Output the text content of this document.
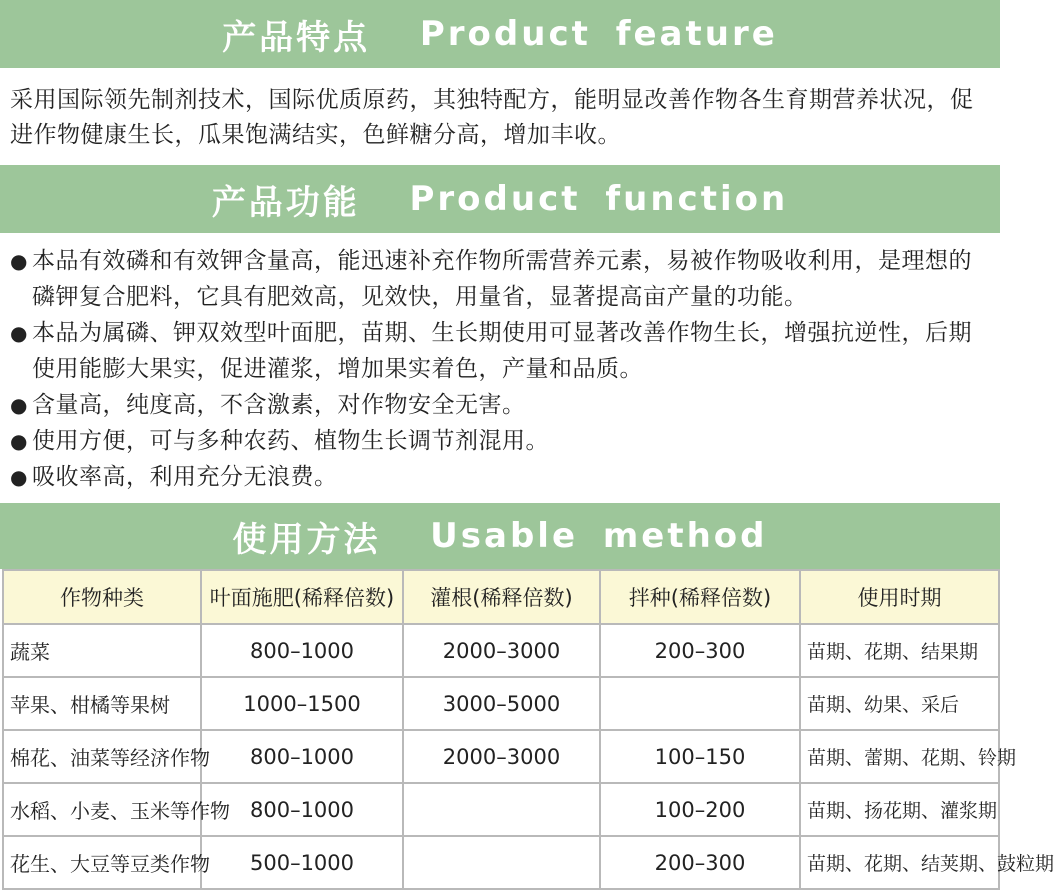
产品特点
Product feature
采用国际领先制剂技术，国际优质原药，其独特配方，能明显改善作物各生育期营养状况，促进作物健康生长，瓜果饱满结实，色鲜糖分高，增加丰收。
产品功能
Product function
● 本品有效磷和有效钾含量高，能迅速补充作物所需营养元素，易被作物吸收利用，是理想的磷钾复合肥料，它具有肥效高，见效快，用量省，显著提高亩产量的功能。
● 本品为属磷、钾双效型叶面肥，苗期、生长期使用可显著改善作物生长，增强抗逆性，后期使用能膨大果实，促进灌浆，增加果实着色，产量和品质。
● 含量高，纯度高，不含激素，对作物安全无害。
● 使用方便，可与多种农药、植物生长调节剂混用。
● 吸收率高，利用充分无浪费。
使用方法
Usable method
作物种类	叶面施肥(稀释倍数)	灌根(稀释倍数)	拌种(稀释倍数)	使用时期
蔬菜	800–1000	2000–3000	200–300	苗期、花期、结果期
苹果、柑橘等果树	1000–1500	3000–5000		苗期、幼果、采后
棉花、油菜等经济作物	800–1000	2000–3000	100–150	苗期、蕾期、花期、铃期
水稻、小麦、玉米等作物	800–1000		100–200	苗期、扬花期、灌浆期
花生、大豆等豆类作物	500–1000		200–300	苗期、花期、结荚期、鼓粒期
